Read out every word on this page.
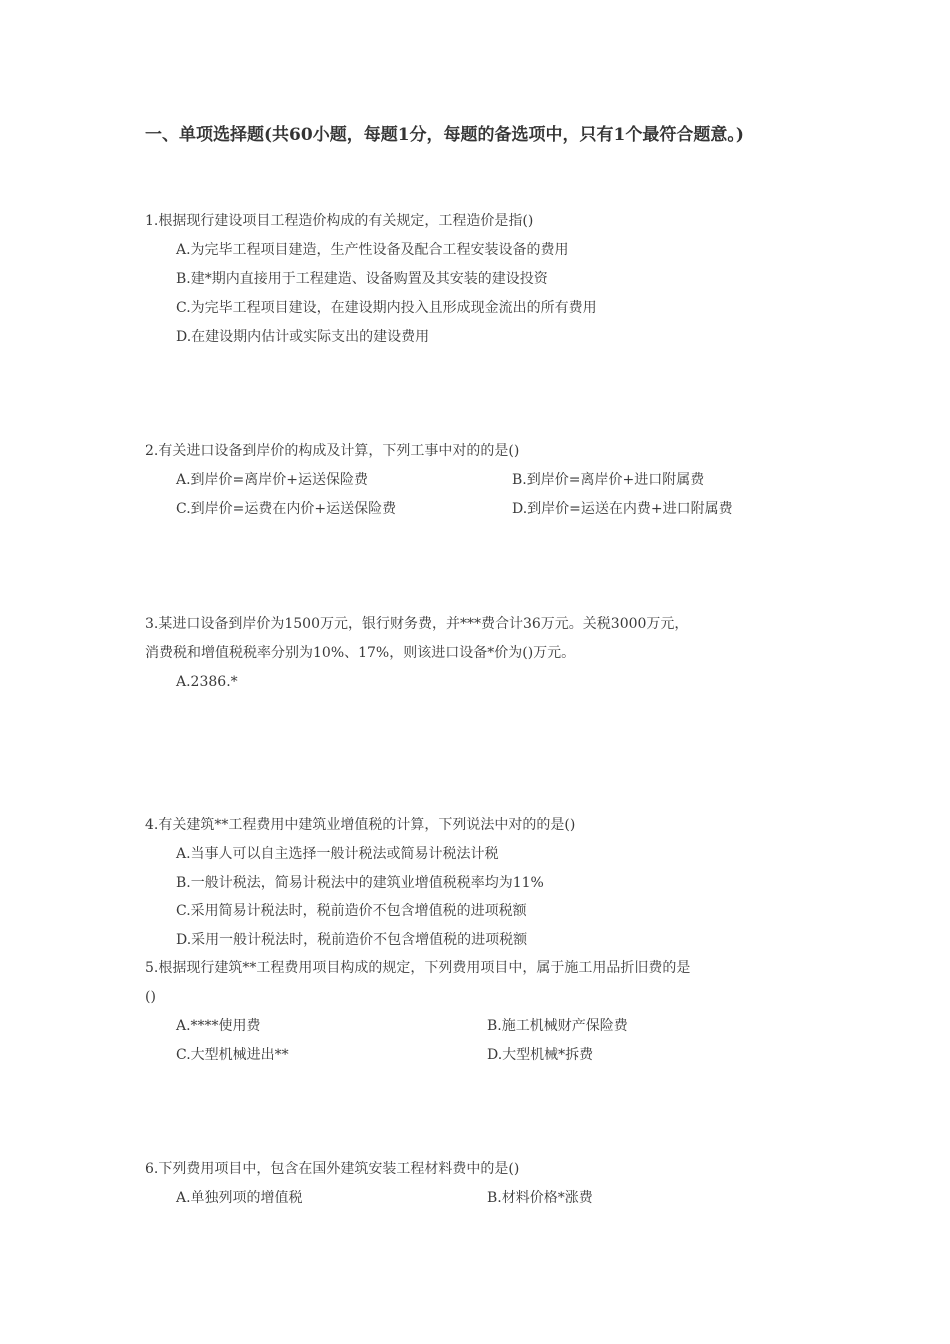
一、单项选择题(共60小题，每题1分，每题的备选项中，只有1个最符合题意。)
1.根据现行建设项目工程造价构成的有关规定，工程造价是指()
A.为完毕工程项目建造，生产性设备及配合工程安装设备的费用
B.建*期内直接用于工程建造、设备购置及其安装的建设投资
C.为完毕工程项目建设，在建设期内投入且形成现金流出的所有费用
D.在建设期内估计或实际支出的建设费用
2.有关进口设备到岸价的构成及计算，下列工事中对的的是()
A.到岸价=离岸价+运送保险费	B.到岸价=离岸价+进口附属费
C.到岸价=运费在内价+运送保险费	D.到岸价=运送在内费+进口附属费
3.某进口设备到岸价为1500万元，银行财务费，并***费合计36万元。关税3000万元，
消费税和增值税税率分别为10%、17%，则该进口设备*价为()万元。
A.2386.*
4.有关建筑**工程费用中建筑业增值税的计算，下列说法中对的的是()
A.当事人可以自主选择一般计税法或简易计税法计税
B.一般计税法，简易计税法中的建筑业增值税税率均为11%
C.采用简易计税法时，税前造价不包含增值税的进项税额
D.采用一般计税法时，税前造价不包含增值税的进项税额
5.根据现行建筑**工程费用项目构成的规定，下列费用项目中，属于施工用品折旧费的是
()
A.****使用费	B.施工机械财产保险费
C.大型机械进出**	D.大型机械*拆费
6.下列费用项目中，包含在国外建筑安装工程材料费中的是()
A.单独列项的增值税	B.材料价格*涨费
